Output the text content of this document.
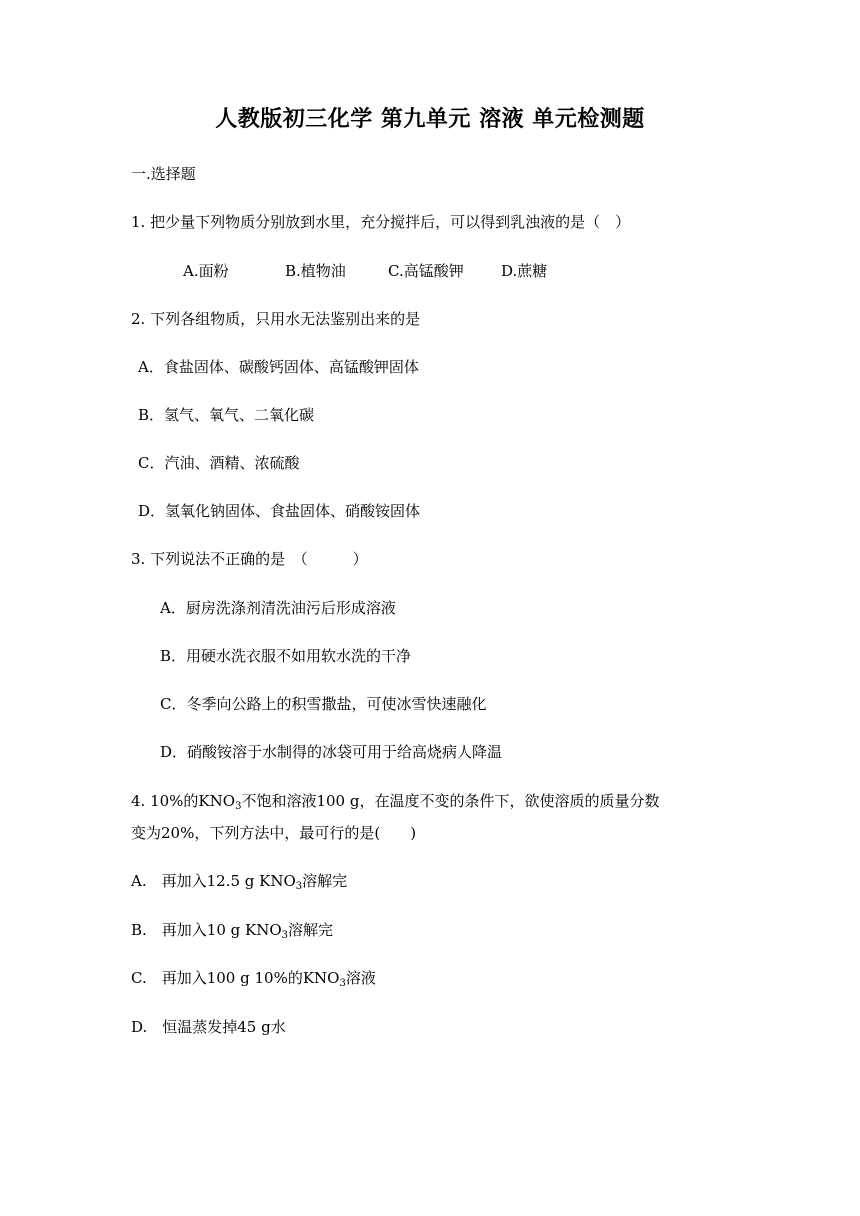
人教版初三化学 第九单元 溶液 单元检测题
一.选择题
1. 把少量下列物质分别放到水里，充分搅拌后，可以得到乳浊液的是（　）
A.面粉	B.植物油	C.高锰酸钾 D.蔗糖
2. 下列各组物质，只用水无法鉴别出来的是
A．食盐固体、碳酸钙固体、高锰酸钾固体
B．氢气、氧气、二氧化碳
C．汽油、酒精、浓硫酸
D．氢氧化钠固体、食盐固体、硝酸铵固体
3. 下列说法不正确的是　（　　　）
A．厨房洗涤剂清洗油污后形成溶液
B．用硬水洗衣服不如用软水洗的干净
C．冬季向公路上的积雪撒盐，可使冰雪快速融化
D．硝酸铵溶于水制得的冰袋可用于给高烧病人降温
4. 10%的$KNO_3$不饱和溶液100 g，在温度不变的条件下，欲使溶质的质量分数
变为20%，下列方法中，最可行的是(　　)
A.　再加入12.5 g $KNO_3$溶解完
B.　再加入10 g $KNO_3$溶解完
C.　再加入100 g 10%的$KNO_3$溶液
D.　恒温蒸发掉45 g水
